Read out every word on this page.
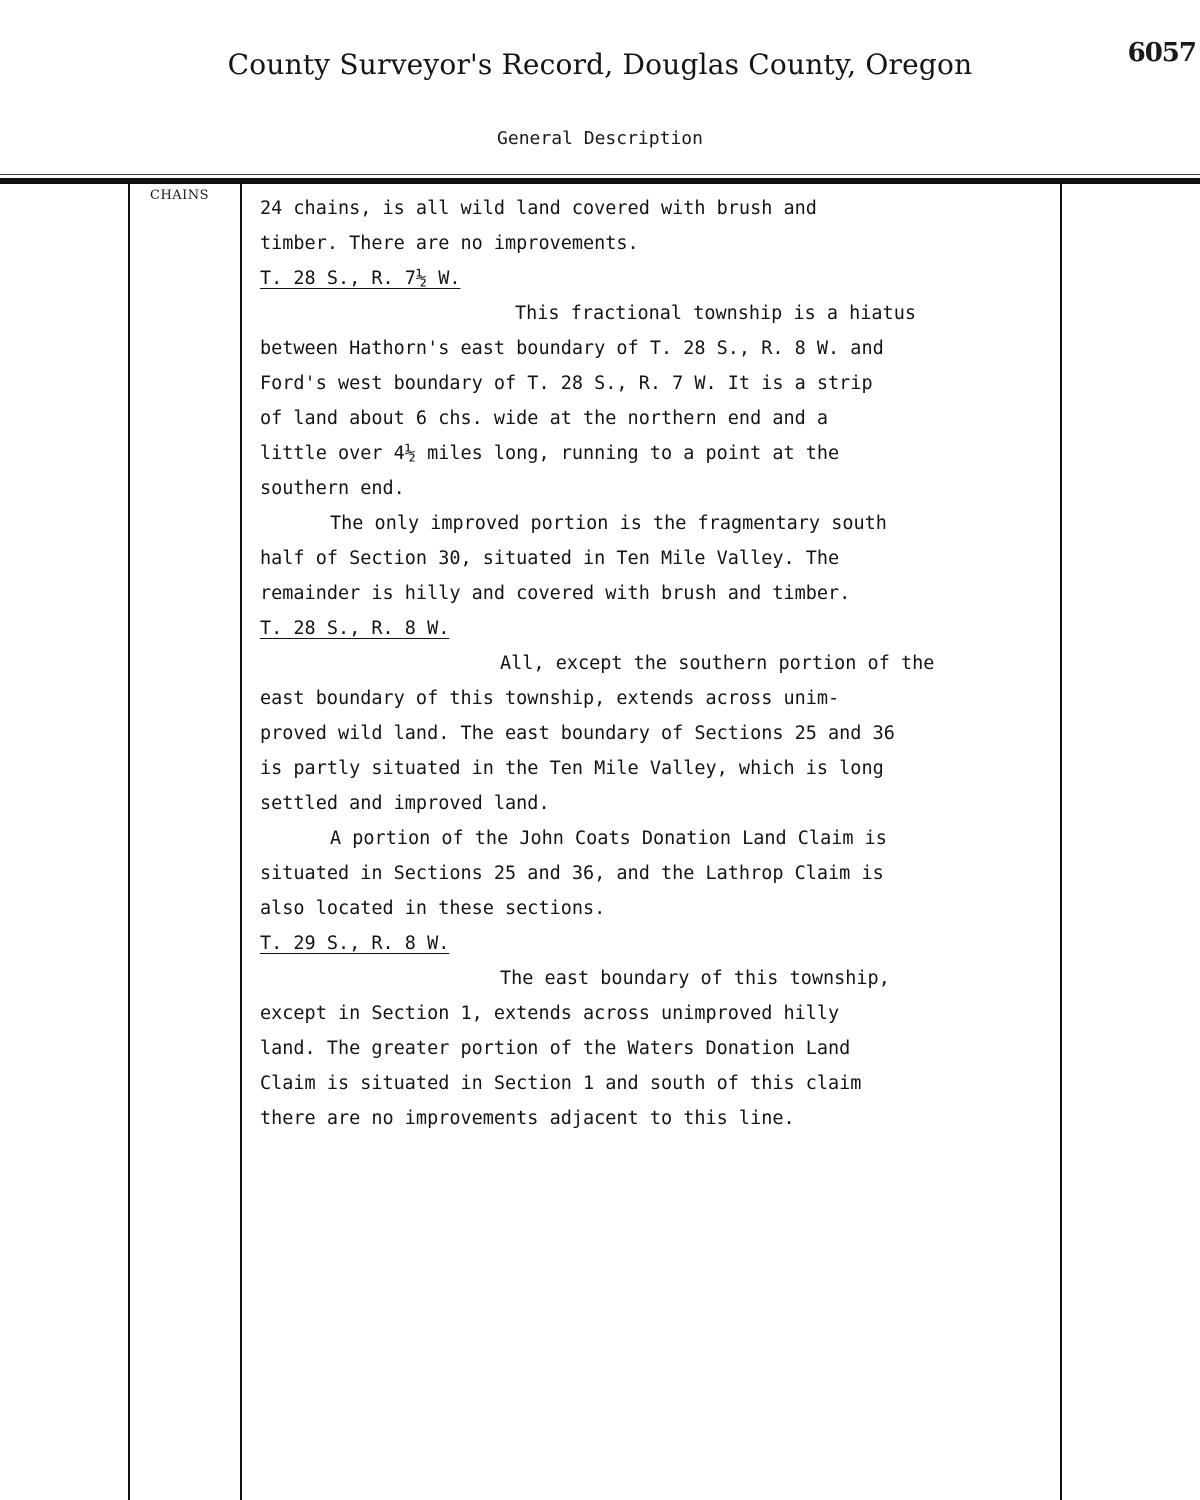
County Surveyor's Record, Douglas County, Oregon	6057
General Description
CHAINS
24 chains, is all wild land covered with brush and
timber. There are no improvements.
T. 28 S., R. 7½ W.
This fractional township is a hiatus
between Hathorn's east boundary of T. 28 S., R. 8 W. and
Ford's west boundary of T. 28 S., R. 7 W. It is a strip
of land about 6 chs. wide at the northern end and a
little over 4½ miles long, running to a point at the
southern end.
The only improved portion is the fragmentary south
half of Section 30, situated in Ten Mile Valley. The
remainder is hilly and covered with brush and timber.
T. 28 S., R. 8 W.
All, except the southern portion of the
east boundary of this township, extends across unim-
proved wild land. The east boundary of Sections 25 and 36
is partly situated in the Ten Mile Valley, which is long
settled and improved land.
A portion of the John Coats Donation Land Claim is
situated in Sections 25 and 36, and the Lathrop Claim is
also located in these sections.
T. 29 S., R. 8 W.
The east boundary of this township,
except in Section 1, extends across unimproved hilly
land. The greater portion of the Waters Donation Land
Claim is situated in Section 1 and south of this claim
there are no improvements adjacent to this line.
